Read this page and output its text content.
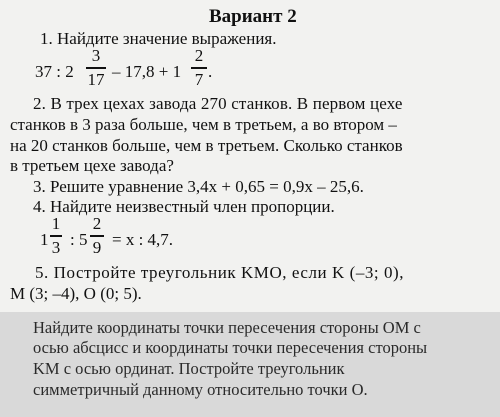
Вариант 2
1. Найдите значение выражения.
37 : 2
3
17 – 17,8 + 1
2
7 .
2. В трех цехах завода 270 станков. В первом цехе
станков в 3 раза больше, чем в третьем, а во втором –
на 20 станков больше, чем в третьем. Сколько станков
в третьем цехе завода?
3. Решите уравнение 3,4x + 0,65 = 0,9x – 25,6.
4. Найдите неизвестный член пропорции.
1
1
3 : 5
2
9 = x : 4,7.
5. Постройте треугольник KMO, если K (–3; 0),
M (3; –4), O (0; 5).
Найдите координаты точки пересечения стороны OM с
осью абсцисс и координаты точки пересечения стороны
KM с осью ординат. Постройте треугольник
симметричный данному относительно точки O.
